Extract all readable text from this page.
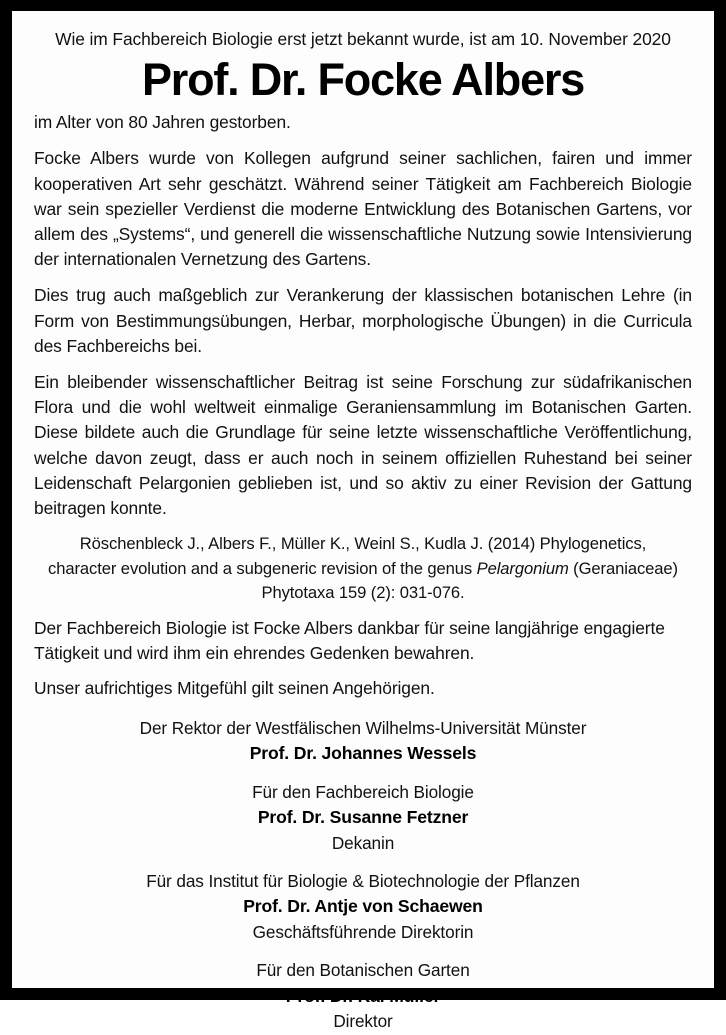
Wie im Fachbereich Biologie erst jetzt bekannt wurde, ist am 10. November 2020

Prof. Dr. Focke Albers

im Alter von 80 Jahren gestorben.

Focke Albers wurde von Kollegen aufgrund seiner sachlichen, fairen und immer kooperativen Art sehr geschätzt. Während seiner Tätigkeit am Fachbereich Biologie war sein spezieller Verdienst die moderne Entwicklung des Botanischen Gartens, vor allem des „Systems“, und generell die wissenschaftliche Nutzung sowie Intensivierung der internationalen Vernetzung des Gartens.

Dies trug auch maßgeblich zur Verankerung der klassischen botanischen Lehre (in Form von Bestimmungsübungen, Herbar, morphologische Übungen) in die Curricula des Fachbereichs bei.

Ein bleibender wissenschaftlicher Beitrag ist seine Forschung zur südafrikanischen Flora und die wohl weltweit einmalige Geraniensammlung im Botanischen Garten. Diese bildete auch die Grundlage für seine letzte wissenschaftliche Veröffentlichung, welche davon zeugt, dass er auch noch in seinem offiziellen Ruhestand bei seiner Leidenschaft Pelargonien geblieben ist, und so aktiv zu einer Revision der Gattung beitragen konnte.

Röschenbleck J., Albers F., Müller K., Weinl S., Kudla J. (2014) Phylogenetics, character evolution and a subgeneric revision of the genus Pelargonium (Geraniaceae) Phytotaxa 159 (2): 031-076.

Der Fachbereich Biologie ist Focke Albers dankbar für seine langjährige engagierte Tätigkeit und wird ihm ein ehrendes Gedenken bewahren.

Unser aufrichtiges Mitgefühl gilt seinen Angehörigen.

Der Rektor der Westfälischen Wilhelms-Universität Münster
Prof. Dr. Johannes Wessels
Für den Fachbereich Biologie
Prof. Dr. Susanne Fetzner
Dekanin
Für das Institut für Biologie & Biotechnologie der Pflanzen
Prof. Dr. Antje von Schaewen
Geschäftsführende Direktorin
Für den Botanischen Garten
Prof. Dr. Kai Müller
Direktor
